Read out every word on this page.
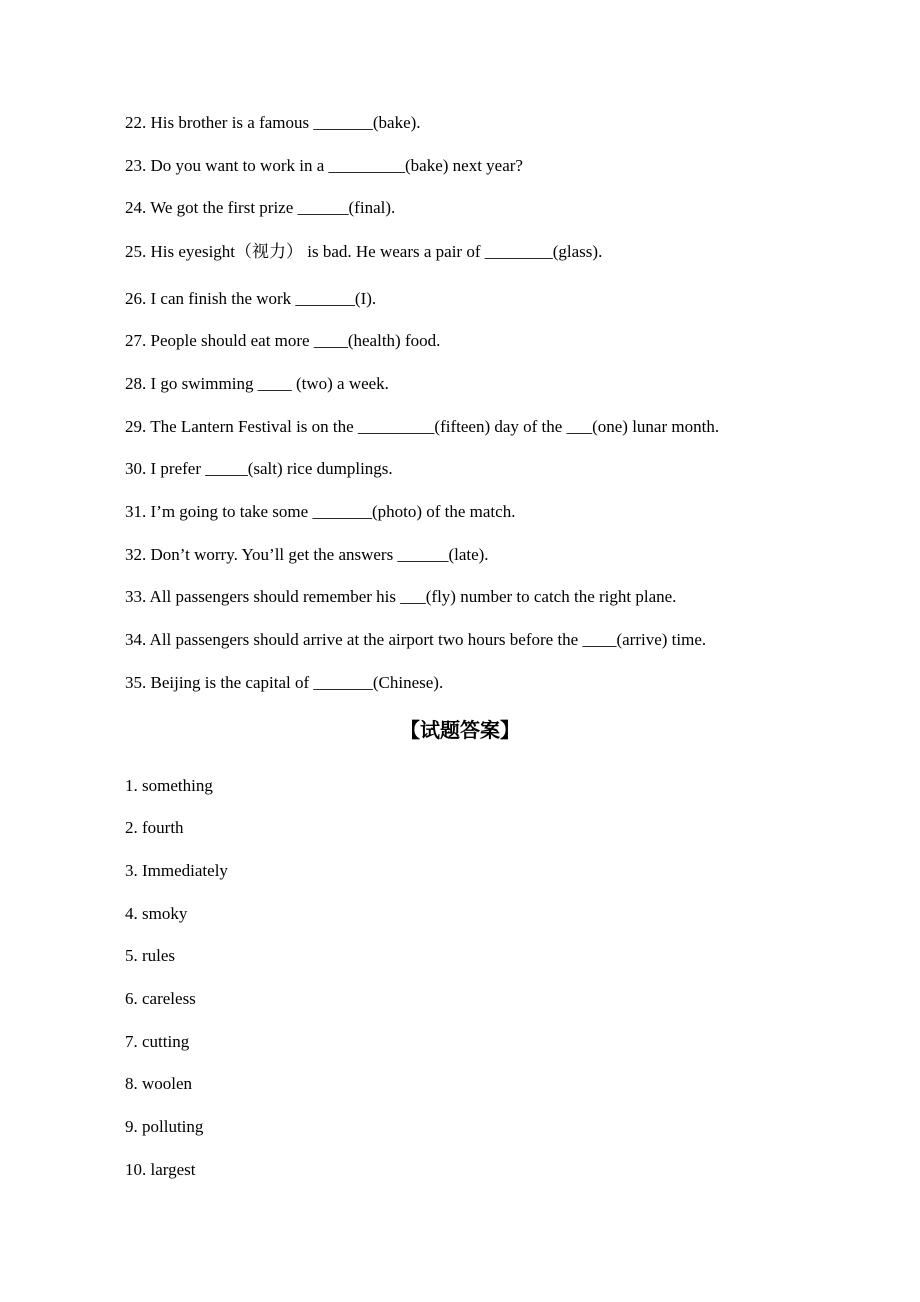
22. His brother is a famous _______(bake).
23. Do you want to work in a _________(bake) next year?
24. We got the first prize ______(final).
25. His eyesight（视力） is bad. He wears a pair of ________(glass).
26. I can finish the work _______(I).
27. People should eat more ____(health) food.
28. I go swimming ____ (two) a week.
29. The Lantern Festival is on the _________(fifteen) day of the ___(one) lunar month.
30. I prefer _____(salt) rice dumplings.
31. I’m going to take some _______(photo) of the match.
32. Don’t worry. You’ll get the answers ______(late).
33. All passengers should remember his ___(fly) number to catch the right plane.
34. All passengers should arrive at the airport two hours before the ____(arrive) time.
35. Beijing is the capital of _______(Chinese).
【试题答案】
1. something
2. fourth
3. Immediately
4. smoky
5. rules
6. careless
7. cutting
8. woolen
9. polluting
10. largest
